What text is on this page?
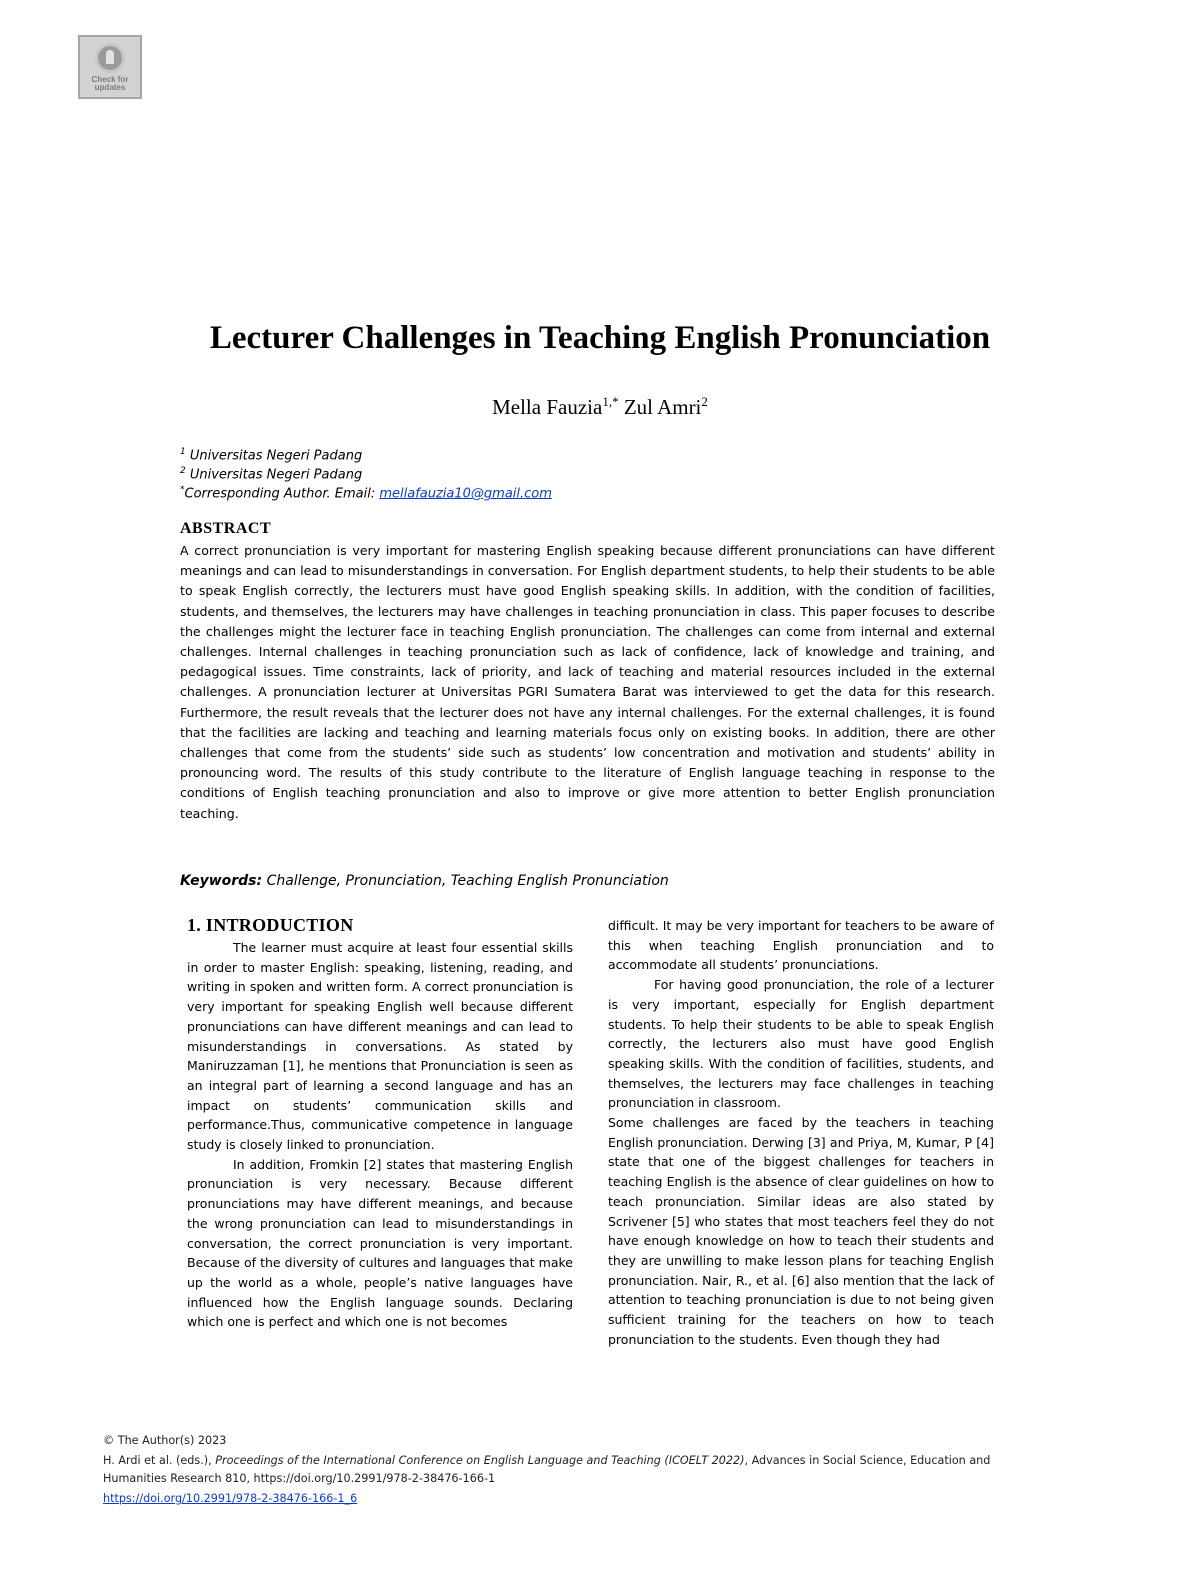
Check for
updates
Lecturer Challenges in Teaching English Pronunciation
Mella Fauzia$^{1,*}$ Zul Amri$^2$
$^1$ Universitas Negeri Padang
$^2$ Universitas Negeri Padang
*Corresponding Author. Email: mellafauzia10@gmail.com
ABSTRACT

A correct pronunciation is very important for mastering English speaking because different pronunciations can have different meanings and can lead to misunderstandings in conversation. For English department students, to help their students to be able to speak English correctly, the lecturers must have good English speaking skills. In addition, with the condition of facilities, students, and themselves, the lecturers may have challenges in teaching pronunciation in class. This paper focuses to describe the challenges might the lecturer face in teaching English pronunciation. The challenges can come from internal and external challenges. Internal challenges in teaching pronunciation such as lack of confidence, lack of knowledge and training, and pedagogical issues. Time constraints, lack of priority, and lack of teaching and material resources included in the external challenges. A pronunciation lecturer at Universitas PGRI Sumatera Barat was interviewed to get the data for this research. Furthermore, the result reveals that the lecturer does not have any internal challenges. For the external challenges, it is found that the facilities are lacking and teaching and learning materials focus only on existing books. In addition, there are other challenges that come from the students’ side such as students’ low concentration and motivation and students’ ability in pronouncing word. The results of this study contribute to the literature of English language teaching in response to the conditions of English teaching pronunciation and also to improve or give more attention to better English pronunciation teaching.

Keywords: Challenge, Pronunciation, Teaching English Pronunciation
1. INTRODUCTION

The learner must acquire at least four essential skills in order to master English: speaking, listening, reading, and writing in spoken and written form. A correct pronunciation is very important for speaking English well because different pronunciations can have different meanings and can lead to misunderstandings in conversations. As stated by Maniruzzaman [1], he mentions that Pronunciation is seen as an integral part of learning a second language and has an impact on students’ communication skills and performance.Thus, communicative competence in language study is closely linked to pronunciation.

In addition, Fromkin [2] states that mastering English pronunciation is very necessary. Because different pronunciations may have different meanings, and because the wrong pronunciation can lead to misunderstandings in conversation, the correct pronunciation is very important. Because of the diversity of cultures and languages that make up the world as a whole, people’s native languages have influenced how the English language sounds. Declaring which one is perfect and which one is not becomes

difficult. It may be very important for teachers to be aware of this when teaching English pronunciation and to accommodate all students’ pronunciations.

For having good pronunciation, the role of a lecturer is very important, especially for English department students. To help their students to be able to speak English correctly, the lecturers also must have good English speaking skills. With the condition of facilities, students, and themselves, the lecturers may face challenges in teaching pronunciation in classroom.

Some challenges are faced by the teachers in teaching English pronunciation. Derwing [3] and Priya, M, Kumar, P [4] state that one of the biggest challenges for teachers in teaching English is the absence of clear guidelines on how to teach pronunciation. Similar ideas are also stated by Scrivener [5] who states that most teachers feel they do not have enough knowledge on how to teach their students and they are unwilling to make lesson plans for teaching English pronunciation. Nair, R., et al. [6] also mention that the lack of attention to teaching pronunciation is due to not being given sufficient training for the teachers on how to teach pronunciation to the students. Even though they had

© The Author(s) 2023
H. Ardi et al. (eds.), Proceedings of the International Conference on English Language and Teaching (ICOELT 2022), Advances in Social Science, Education and
Humanities Research 810, https://doi.org/10.2991/978-2-38476-166-1
https://doi.org/10.2991/978-2-38476-166-1_6
